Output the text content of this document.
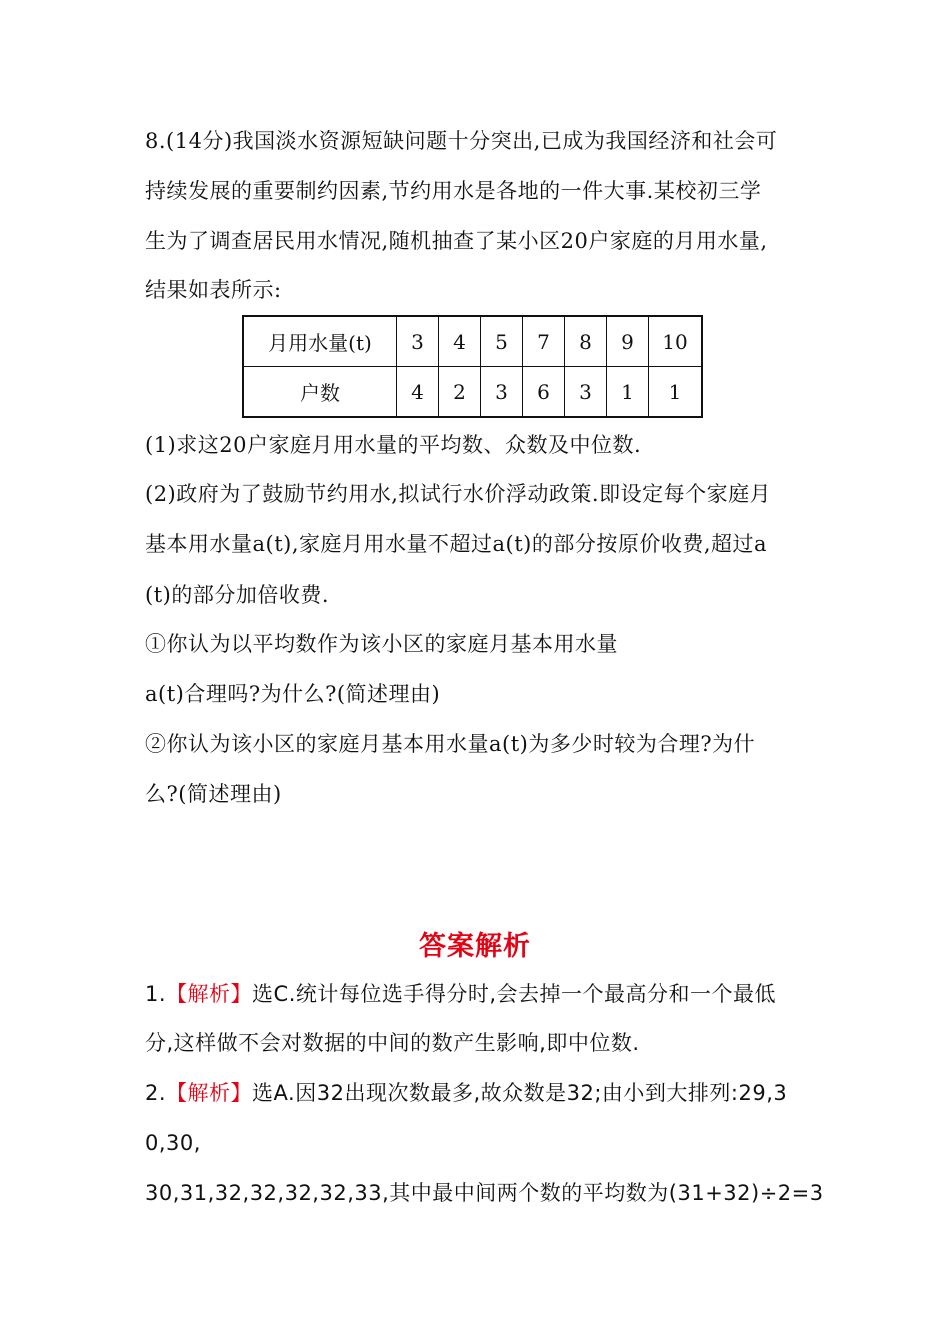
8.(14分)我国淡水资源短缺问题十分突出,已成为我国经济和社会可
持续发展的重要制约因素,节约用水是各地的一件大事.某校初三学
生为了调查居民用水情况,随机抽查了某小区20户家庭的月用水量,
结果如表所示:
月用水量(t)	3	4	5	7	8	9	10
户数	4	2	3	6	3	1	1
(1)求这20户家庭月用水量的平均数、众数及中位数.
(2)政府为了鼓励节约用水,拟试行水价浮动政策.即设定每个家庭月
基本用水量a(t),家庭月用水量不超过a(t)的部分按原价收费,超过a
(t)的部分加倍收费.
①你认为以平均数作为该小区的家庭月基本用水量
a(t)合理吗?为什么?(简述理由)
②你认为该小区的家庭月基本用水量a(t)为多少时较为合理?为什
么?(简述理由)
答案解析
1.【解析】选C.统计每位选手得分时,会去掉一个最高分和一个最低
分,这样做不会对数据的中间的数产生影响,即中位数.
2.【解析】选A.因32出现次数最多,故众数是32;由小到大排列:29,3
0,30,
30,31,32,32,32,32,33,其中最中间两个数的平均数为(31+32)÷2=3
